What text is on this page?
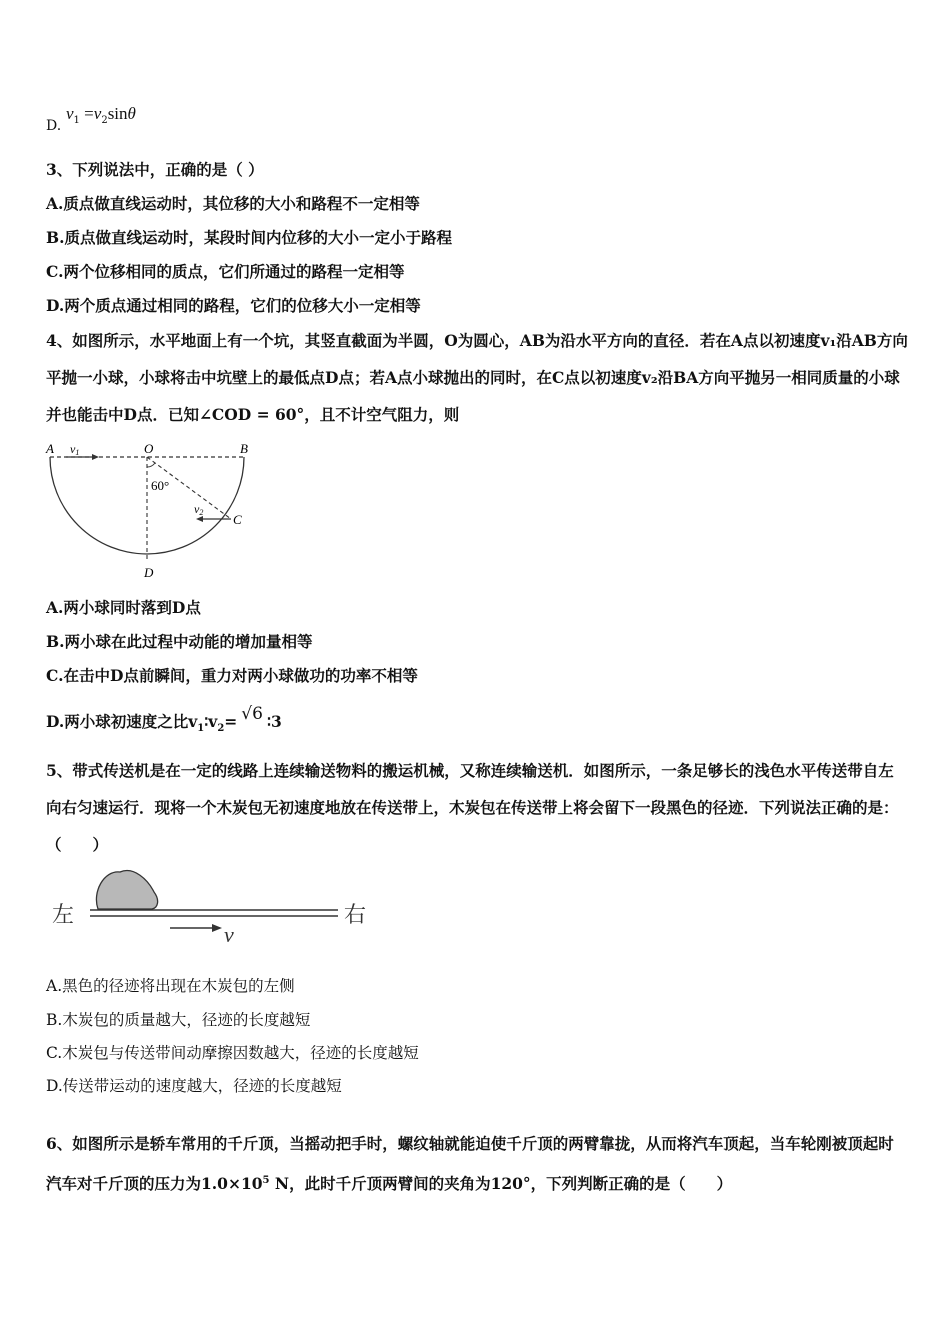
D.
$v_1 =v_2\sin\theta$
3、下列说法中，正确的是（ ）
A.质点做直线运动时，其位移的大小和路程不一定相等
B.质点做直线运动时，某段时间内位移的大小一定小于路程
C.两个位移相同的质点，它们所通过的路程一定相等
D.两个质点通过相同的路程，它们的位移大小一定相等
4、如图所示，水平地面上有一个坑，其竖直截面为半圆，O为圆心，AB为沿水平方向的直径．若在A点以初速度v₁沿AB方向平抛一小球，小球将击中坑壁上的最低点D点；若A点小球抛出的同时，在C点以初速度v₂沿BA方向平抛另一相同质量的小球并也能击中D点．已知∠COD = 60°，且不计空气阻力，则
A v1	O	B
60°
v2 C
D
A.两小球同时落到D点
B.两小球在此过程中动能的增加量相等
C.在击中D点前瞬间，重力对两小球做功的功率不相等
D.两小球初速度之比$v_1∶v_2= √6$ ∶3
5、带式传送机是在一定的线路上连续输送物料的搬运机械，又称连续输送机．如图所示，一条足够长的浅色水平传送带自左向右匀速运行．现将一个木炭包无初速度地放在传送带上，木炭包在传送带上将会留下一段黑色的径迹．下列说法正确的是：　（　　）
左
v
右
A.黑色的径迹将出现在木炭包的左侧
B.木炭包的质量越大，径迹的长度越短
C.木炭包与传送带间动摩擦因数越大，径迹的长度越短
D.传送带运动的速度越大，径迹的长度越短
6、如图所示是轿车常用的千斤顶，当摇动把手时，螺纹轴就能迫使千斤顶的两臂靠拢，从而将汽车顶起，当车轮刚被顶起时汽车对千斤顶的压力为$1.0\times 10^5$ N，此时千斤顶两臂间的夹角为120°，下列判断正确的是（　　）
